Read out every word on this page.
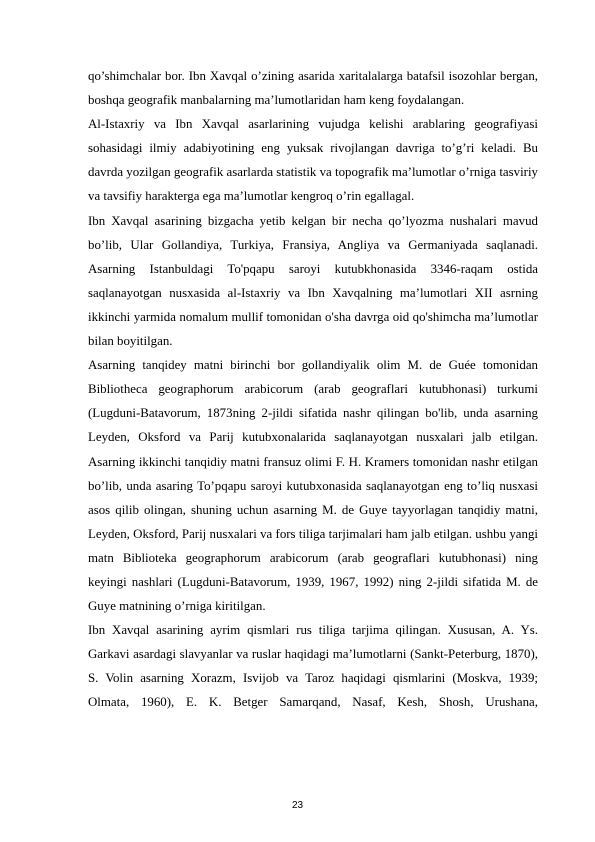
qo’shimchalar bor. Ibn Xavqal o’zining asarida xaritalalarga batafsil isozohlar bergan, boshqa geografik manbalarning ma’lumotlaridan ham keng foydalangan.

Al-Istaxriy va Ibn Xavqal asarlarining vujudga kelishi arablaring geografiyasi sohasidagi ilmiy adabiyotining eng yuksak rivojlangan davriga to’g’ri keladi. Bu davrda yozilgan geografik asarlarda statistik va topografik ma’lumotlar o’rniga tasviriy va tavsifiy harakterga ega ma’lumotlar kengroq o’rin egallagal.

Ibn Xavqal asarining bizgacha yetib kelgan bir necha qo’lyozma nushalari mavud bo’lib, Ular Gollandiya, Turkiya, Fransiya, Angliya va Germaniyada saqlanadi. Asarning Istanbuldagi To'pqapu saroyi kutubkhonasida 3346-raqam ostida saqlanayotgan nusxasida al-Istaxriy va Ibn Xavqalning ma’lumotlari XII asrning ikkinchi yarmida nomalum mullif tomonidan o'sha davrga oid qo'shimcha ma’lumotlar bilan boyitilgan.

Asarning tanqidey matni birinchi bor gollandiyalik olim M. de Guée tomonidan Bibliotheca geographorum arabicorum (arab geograflari kutubhonasi) turkumi (Lugduni-Batavorum, 1873ning 2-jildi sifatida nashr qilingan bo'lib, unda asarning Leyden, Oksford va Parij kutubxonalarida saqlanayotgan nusxalari jalb etilgan. Asarning ikkinchi tanqidiy matni fransuz olimi F. H. Kramers tomonidan nashr etilgan bo’lib, unda asaring To’pqapu saroyi kutubxonasida saqlanayotgan eng to’liq nusxasi asos qilib olingan, shuning uchun asarning M. de Guye tayyorlagan tanqidiy matni, Leyden, Oksford, Parij nusxalari va fors tiliga tarjimalari ham jalb etilgan. ushbu yangi matn Biblioteka geographorum arabicorum (arab geograflari kutubhonasi) ning keyingi nashlari (Lugduni-Batavorum, 1939, 1967, 1992) ning 2-jildi sifatida M. de Guye matnining o’rniga kiritilgan.

Ibn Xavqal asarining ayrim qismlari rus tiliga tarjima qilingan. Xususan, A. Ys. Garkavi asardagi slavyanlar va ruslar haqidagi ma’lumotlarni (Sankt-Peterburg, 1870), S. Volin asarning Xorazm, Isvijob va Taroz haqidagi qismlarini (Moskva, 1939; Olmata, 1960), E. K. Betger Samarqand, Nasaf, Kesh, Shosh, Urushana,

23
